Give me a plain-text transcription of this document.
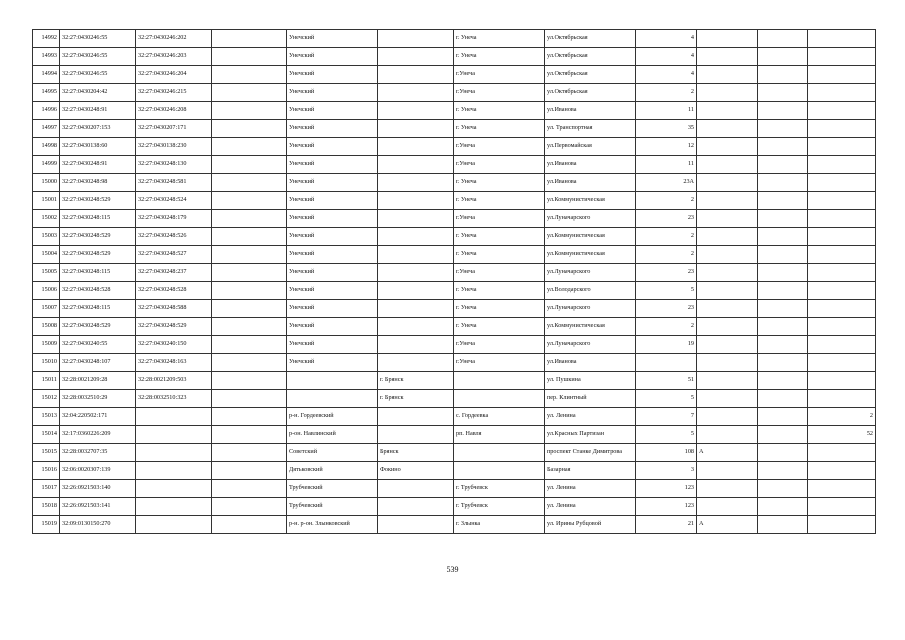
14992	32:27:0430246:55	32:27:0430246:202		Унечский		г. Унеча	ул.Октябрьская	4			
14993	32:27:0430246:55	32:27:0430246:203		Унечский		г. Унеча	ул.Октябрьская	4			
14994	32:27:0430246:55	32:27:0430246:204		Унечский		г.Унеча	ул.Октябрьская	4			
14995	32:27:0430204:42	32:27:0430246:215		Унечский		г.Унеча	ул.Октябрьская	2			
14996	32:27:0430248:91	32:27:0430246:208		Унечский		г. Унеча	ул.Иванова	11			
14997	32:27:0430207:153	32:27:0430207:171		Унечский		г. Унеча	ул. Транспортная	35			
14998	32:27:0430138:60	32:27:0430138:230		Унечский		г.Унеча	ул.Первомайская	12			
14999	32:27:0430248:91	32:27:0430248:130		Унечский		г.Унеча	ул.Иванова	11			
15000	32:27:0430248:98	32:27:0430248:581		Унечский		г. Унеча	ул.Иванова	23А			
15001	32:27:0430248:529	32:27:0430248:524		Унечский		г. Унеча	ул.Коммунистическая	2			
15002	32:27:0430248:115	32:27:0430248:179		Унечский		г.Унеча	ул.Луначарского	23			
15003	32:27:0430248:529	32:27:0430248:526		Унечский		г. Унеча	ул.Коммунистическая	2			
15004	32:27:0430248:529	32:27:0430248:527		Унечский		г. Унеча	ул.Коммунистическая	2			
15005	32:27:0430248:115	32:27:0430248:237		Унечский		г.Унеча	ул.Луначарского	23			
15006	32:27:0430248:528	32:27:0430248:528		Унечский		г. Унеча	ул.Володарского	5			
15007	32:27:0430248:115	32:27:0430248:588		Унечский		г. Унеча	ул.Луначарского	23			
15008	32:27:0430248:529	32:27:0430248:529		Унечский		г. Унеча	ул.Коммунистическая	2			
15009	32:27:0430240:55	32:27:0430240:150		Унечский		г.Унеча	ул.Луначарского	19			
15010	32:27:0430248:107	32:27:0430248:163		Унечский		г.Унеча	ул.Иванова				
15011	32:28:0021209:28	32:28:0021209:503			г. Брянск		ул. Пушкина	51			
15012	32:28:0032510:29	32:28:0032510:323			г. Брянск		пер. Клинтный	5			
15013	32:04:220502:171			р-н. Гордеевский		с. Гордеевка	ул. Ленина	7			2
15014	32:17:0360226:209			р-он. Навлинский		рп. Навля	ул.Красных Партизан	5			52
15015	32:28:0032707:35			Советский	Брянск		проспект Станке Димитрова	108	А		
15016	32:06:0020307:139			Дятьковский	Фокино		Базарная	3			
15017	32:26:0921503:140			Трубчевский		г. Трубчевск	ул. Ленина	123			
15018	32:26:0921503:141			Трубчевский		г. Трубчевск	ул. Ленина	123			
15019	32:09:0130150:270			р-н. р-он. Злынковский		г. Злынка	ул. Ирины Рубцовой	21	А		
539
